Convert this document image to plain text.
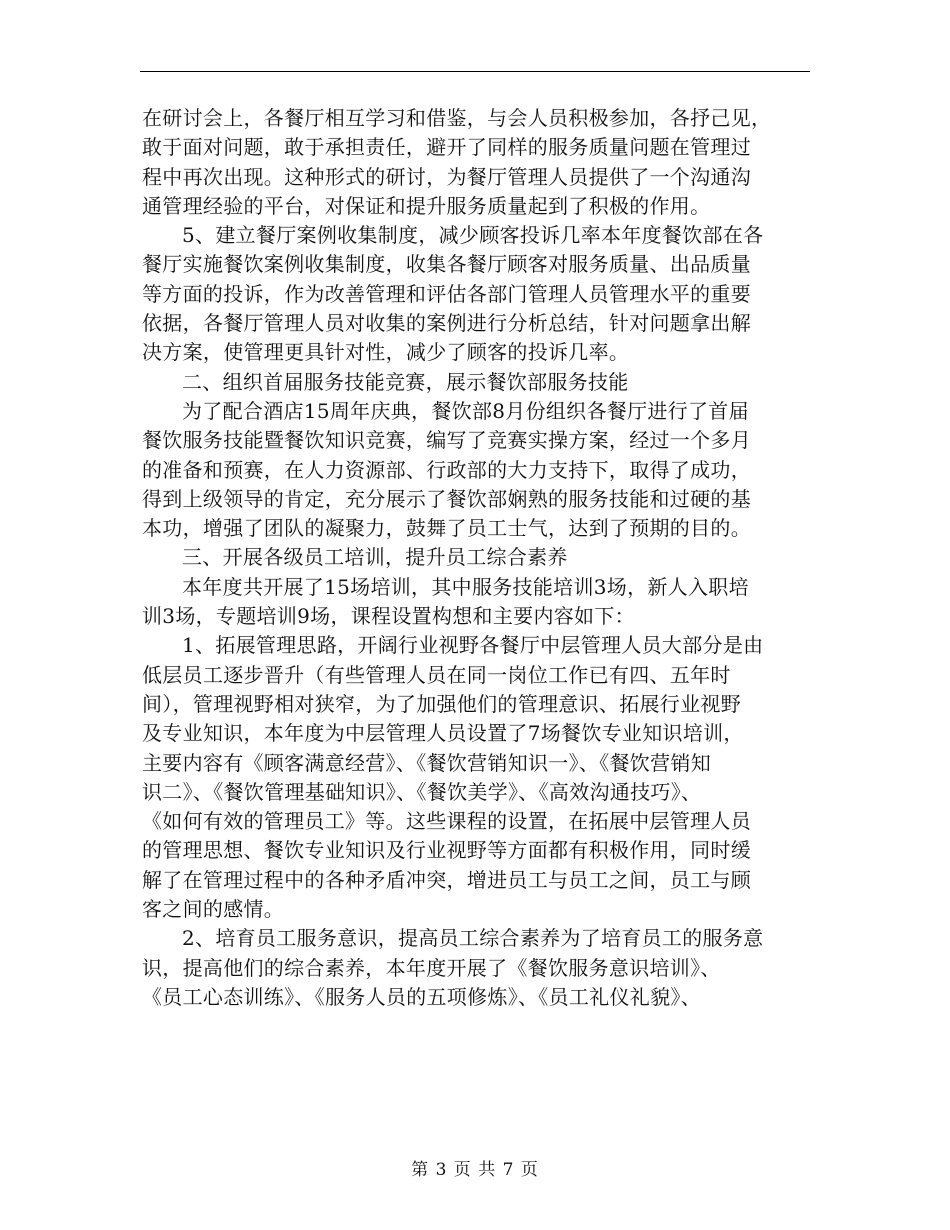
在研讨会上，各餐厅相互学习和借鉴，与会人员积极参加，各抒己见，
敢于面对问题，敢于承担责任，避开了同样的服务质量问题在管理过
程中再次出现。这种形式的研讨，为餐厅管理人员提供了一个沟通沟
通管理经验的平台，对保证和提升服务质量起到了积极的作用。
5、建立餐厅案例收集制度，减少顾客投诉几率本年度餐饮部在各
餐厅实施餐饮案例收集制度，收集各餐厅顾客对服务质量、出品质量
等方面的投诉，作为改善管理和评估各部门管理人员管理水平的重要
依据，各餐厅管理人员对收集的案例进行分析总结，针对问题拿出解
决方案，使管理更具针对性，减少了顾客的投诉几率。
二、组织首届服务技能竞赛，展示餐饮部服务技能
为了配合酒店15周年庆典，餐饮部8月份组织各餐厅进行了首届
餐饮服务技能暨餐饮知识竞赛，编写了竞赛实操方案，经过一个多月
的准备和预赛，在人力资源部、行政部的大力支持下，取得了成功，
得到上级领导的肯定，充分展示了餐饮部娴熟的服务技能和过硬的基
本功，增强了团队的凝聚力，鼓舞了员工士气，达到了预期的目的。
三、开展各级员工培训，提升员工综合素养
本年度共开展了15场培训，其中服务技能培训3场，新人入职培
训3场，专题培训9场，课程设置构想和主要内容如下：
1、拓展管理思路，开阔行业视野各餐厅中层管理人员大部分是由
低层员工逐步晋升（有些管理人员在同一岗位工作已有四、五年时
间），管理视野相对狭窄，为了加强他们的管理意识、拓展行业视野
及专业知识，本年度为中层管理人员设置了7场餐饮专业知识培训，
主要内容有《顾客满意经营》、《餐饮营销知识一》、《餐饮营销知
识二》、《餐饮管理基础知识》、《餐饮美学》、《高效沟通技巧》、
《如何有效的管理员工》等。这些课程的设置，在拓展中层管理人员
的管理思想、餐饮专业知识及行业视野等方面都有积极作用，同时缓
解了在管理过程中的各种矛盾冲突，增进员工与员工之间，员工与顾
客之间的感情。
2、培育员工服务意识，提高员工综合素养为了培育员工的服务意
识，提高他们的综合素养，本年度开展了《餐饮服务意识培训》、
《员工心态训练》、《服务人员的五项修炼》、《员工礼仪礼貌》、
第 3 页 共 7 页
